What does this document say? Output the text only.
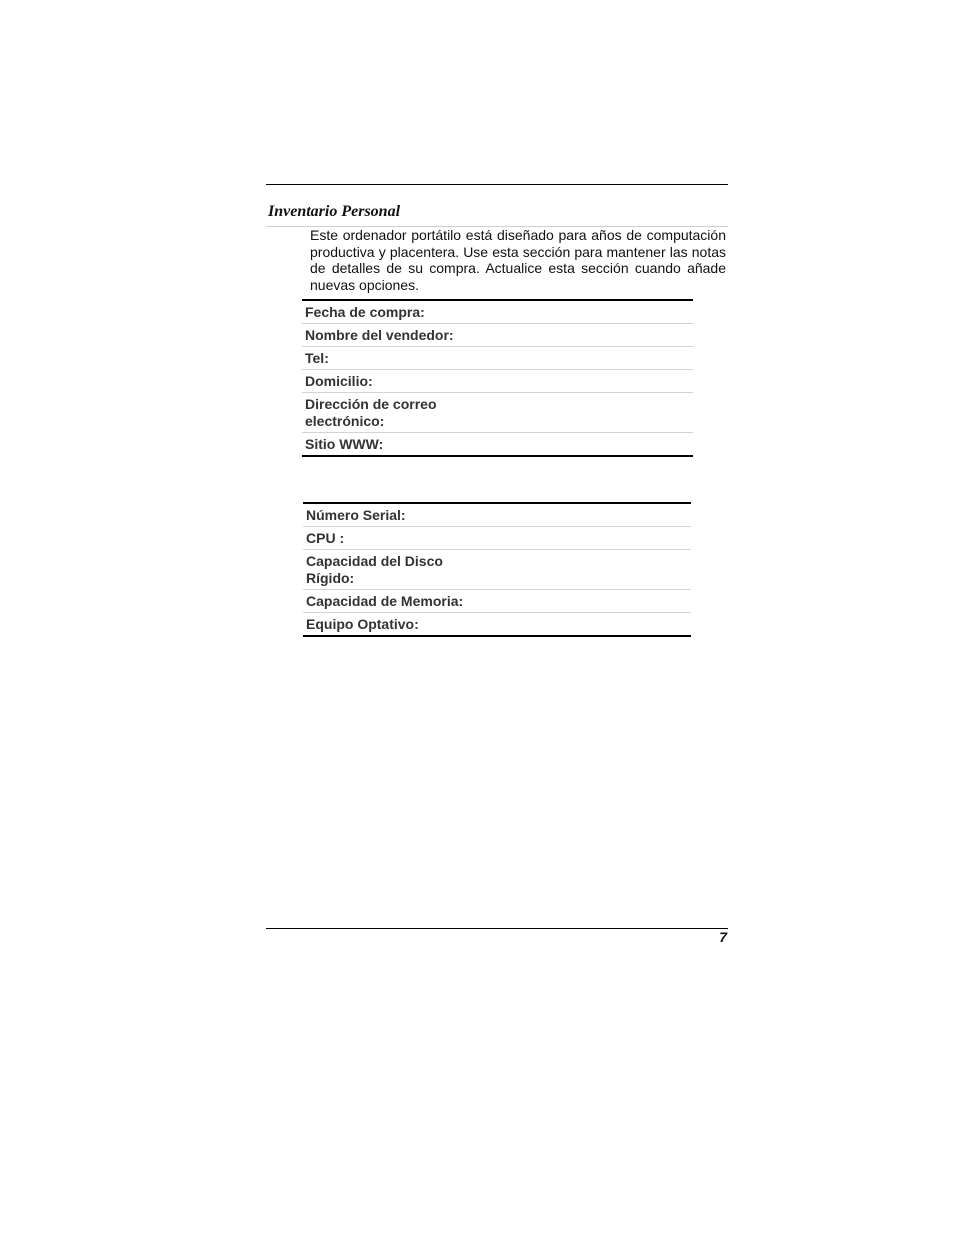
Inventario Personal

Este ordenador portátilo está diseñado para años de computación productiva y placentera. Use esta sección para mantener las notas de detalles de su compra. Actualice esta sección cuando añade nuevas opciones.

Fecha de compra:
Nombre del vendedor:
Tel:
Domicilio:
Dirección de correo electrónico:	
Sitio WWW:
Número Serial:
CPU :
Capacidad del Disco Rígido:	
Capacidad de Memoria:
Equipo Optativo:
7
